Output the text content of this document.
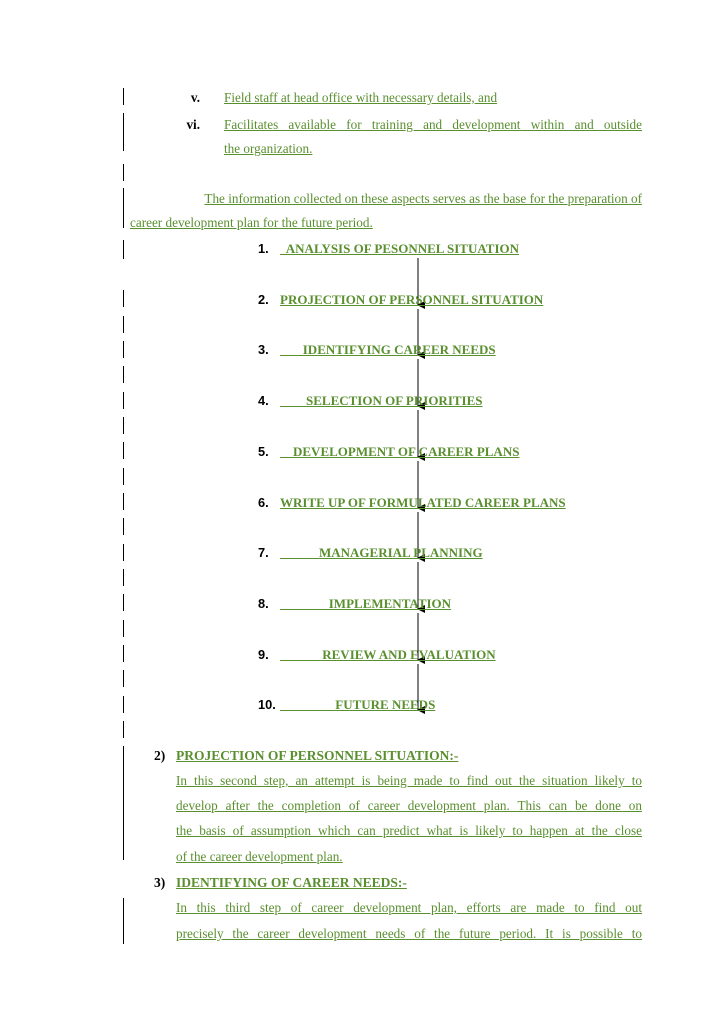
v. Field staff at head office with necessary details, and
vi. Facilitates available for training and development within and outside
the organization.
The information collected on these aspects serves as the base for the preparation of
career development plan for the future period.
1. ANALYSIS OF PESONNEL SITUATION
2. PROJECTION OF PERSONNEL SITUATION
3. IDENTIFYING CAREER NEEDS
4. SELECTION OF PRIORITIES
5. DEVELOPMENT OF CAREER PLANS
6. WRITE UP OF FORMULATED CAREER PLANS
7. MANAGERIAL PLANNING
8. IMPLEMENTATION
9. REVIEW AND EVALUATION
10. FUTURE NEEDS
2) PROJECTION OF PERSONNEL SITUATION:-
In this second step, an attempt is being made to find out the situation likely to
develop after the completion of career development plan. This can be done on
the basis of assumption which can predict what is likely to happen at the close
of the career development plan.
3) IDENTIFYING OF CAREER NEEDS:-
In this third step of career development plan, efforts are made to find out
precisely the career development needs of the future period. It is possible to
